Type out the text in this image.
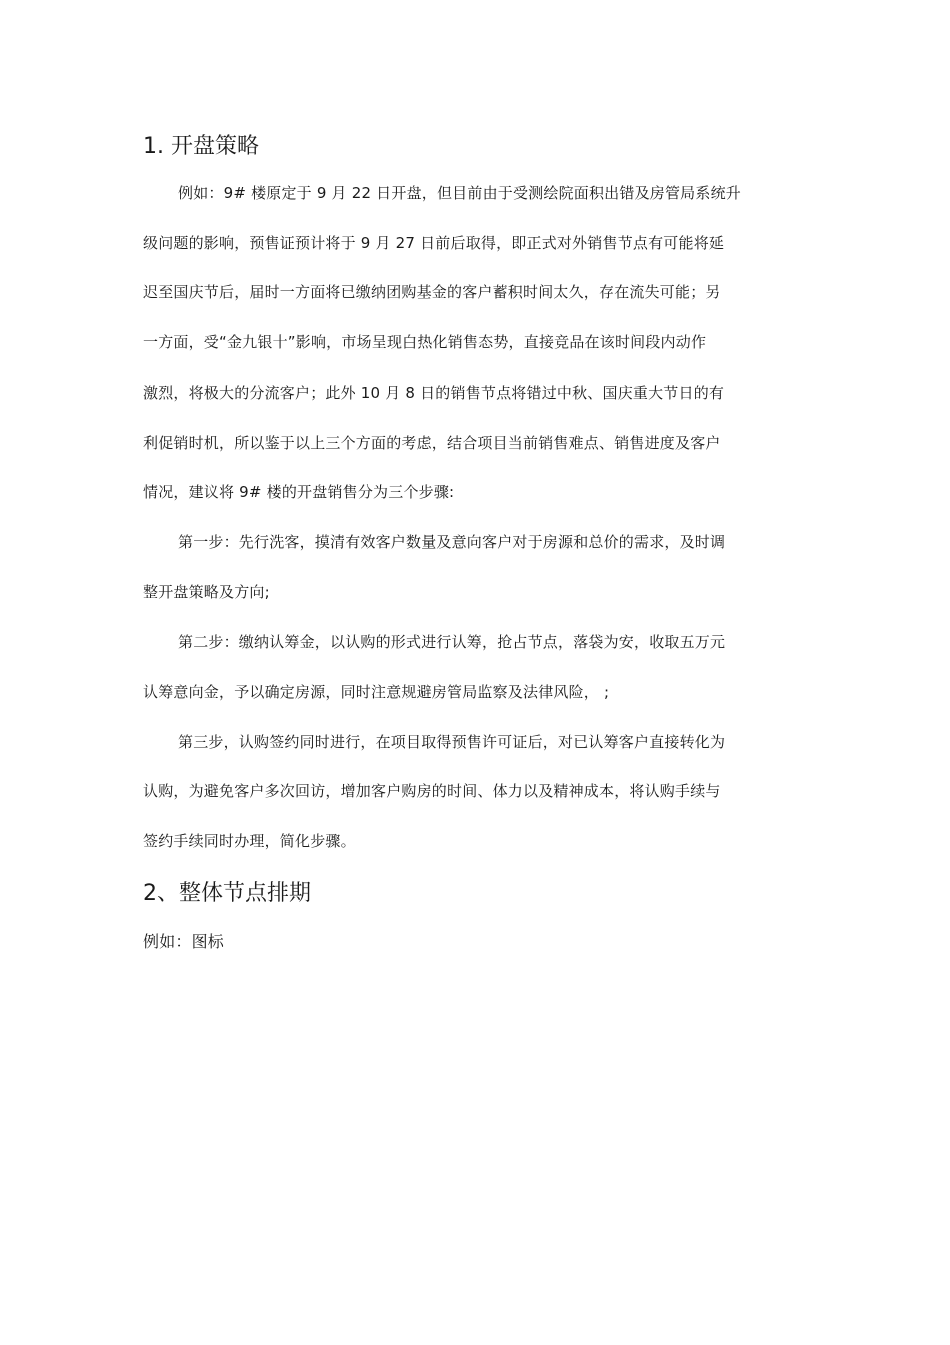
1. 开盘策略
例如：9# 楼原定于 9 月 22 日开盘，但目前由于受测绘院面积出错及房管局系统升
级问题的影响，预售证预计将于 9 月 27 日前后取得，即正式对外销售节点有可能将延
迟至国庆节后，届时一方面将已缴纳团购基金的客户蓄积时间太久，存在流失可能；另
一方面，受“金九银十”影响，市场呈现白热化销售态势，直接竞品在该时间段内动作
激烈，将极大的分流客户；此外 10 月 8 日的销售节点将错过中秋、国庆重大节日的有
利促销时机，所以鉴于以上三个方面的考虑，结合项目当前销售难点、销售进度及客户
情况，建议将 9# 楼的开盘销售分为三个步骤:
第一步：先行洗客，摸清有效客户数量及意向客户对于房源和总价的需求，及时调
整开盘策略及方向;
第二步：缴纳认筹金，以认购的形式进行认筹，抢占节点，落袋为安，收取五万元
认筹意向金，予以确定房源，同时注意规避房管局监察及法律风险， ;
第三步，认购签约同时进行，在项目取得预售许可证后，对已认筹客户直接转化为
认购，为避免客户多次回访，增加客户购房的时间、体力以及精神成本，将认购手续与
签约手续同时办理，简化步骤。
2、整体节点排期
例如：图标
